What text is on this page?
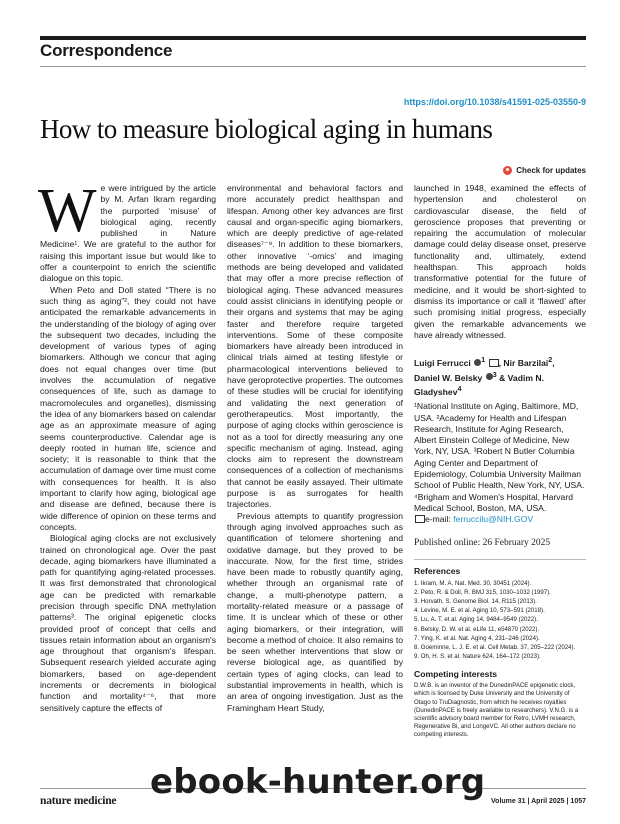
Correspondence
https://doi.org/10.1038/s41591-025-03550-9
How to measure biological aging in humans
Check for updates

We were intrigued by the article by M. Arfan Ikram regarding the purported ‘misuse’ of biological aging, recently published in Nature Medicine¹. We are grateful to the author for raising this important issue but would like to offer a counterpoint to enrich the scientific dialogue on this topic.

When Peto and Doll stated “There is no such thing as aging”², they could not have anticipated the remarkable advancements in the understanding of the biology of aging over the subsequent two decades, including the development of various types of aging biomarkers. Although we concur that aging does not equal changes over time (but involves the accumulation of negative consequences of life, such as damage to macromolecules and organelles), dismissing the idea of any biomarkers based on calendar age as an approximate measure of aging seems counterproductive. Calendar age is deeply rooted in human life, science and society; it is reasonable to think that the accumulation of damage over time must come with consequences for health. It is also important to clarify how aging, biological age and disease are defined, because there is wide difference of opinion on these terms and concepts.

Biological aging clocks are not exclusively trained on chronological age. Over the past decade, aging biomarkers have illuminated a path for quantifying aging-related processes. It was first demonstrated that chronological age can be predicted with remarkable precision through specific DNA methylation patterns³. The original epigenetic clocks provided proof of concept that cells and tissues retain information about an organism's age throughout that organism's lifespan. Subsequent research yielded accurate aging biomarkers, based on age-dependent increments or decrements in biological function and mortality⁴⁻⁶, that more sensitively capture the effects of

environmental and behavioral factors and more accurately predict healthspan and lifespan. Among other key advances are first causal and organ-specific aging biomarkers, which are deeply predictive of age-related diseases⁷⁻⁹. In addition to these biomarkers, other innovative ‘-omics’ and imaging methods are being developed and validated that may offer a more precise reflection of biological aging. These advanced measures could assist clinicians in identifying people or their organs and systems that may be aging faster and therefore require targeted interventions. Some of these composite biomarkers have already been introduced in clinical trials aimed at testing lifestyle or pharmacological interventions believed to have geroprotective properties. The outcomes of these studies will be crucial for identifying and validating the next generation of gerotherapeutics. Most importantly, the purpose of aging clocks within geroscience is not as a tool for directly measuring any one specific mechanism of aging. Instead, aging clocks aim to represent the downstream consequences of a collection of mechanisms that cannot be easily assayed. Their ultimate purpose is as surrogates for health trajectories.

Previous attempts to quantify progression through aging involved approaches such as quantification of telomere shortening and oxidative damage, but they proved to be inaccurate. Now, for the first time, strides have been made to robustly quantify aging, whether through an organismal rate of change, a multi-phenotype pattern, a mortality-related measure or a passage of time. It is unclear which of these or other aging biomarkers, or their integration, will become a method of choice. It also remains to be seen whether interventions that slow or reverse biological age, as quantified by certain types of aging clocks, can lead to substantial improvements in health, which is an area of ongoing investigation. Just as the Framingham Heart Study,

launched in 1948, examined the effects of hypertension and cholesterol on cardiovascular disease, the field of geroscience proposes that preventing or repairing the accumulation of molecular damage could delay disease onset, preserve functionality and, ultimately, extend healthspan. This approach holds transformative potential for the future of medicine, and it would be short-sighted to dismiss its importance or call it ‘flawed’ after such promising initial progress, especially given the remarkable advancements we have already witnessed.

Luigi Ferrucci $^1$ , Nir Barzilai$^2$,
Daniel W. Belsky $^3$ & Vadim N. Gladyshev$^4$
¹National Institute on Aging, Baltimore, MD, USA. ²Academy for Health and Lifespan Research, Institute for Aging Research, Albert Einstein College of Medicine, New York, NY, USA. ³Robert N Butler Columbia Aging Center and Department of Epidemiology, Columbia University Mailman School of Public Health, New York, NY, USA. ⁴Brigham and Women's Hospital, Harvard Medical School, Boston, MA, USA.
e-mail: ferruccilu@NIH.GOV
Published online: 26 February 2025
References
1. Ikram, M. A. Nat. Med. 30, 30451 (2024).
2. Peto, R. & Doll, R. BMJ 315, 1030–1032 (1997).
3. Horvath, S. Genome Biol. 14, R115 (2013).
4. Levine, M. E. et al. Aging 10, 573–591 (2018).
5. Lu, A. T. et al. Aging 14, 9484–9549 (2022).
6. Belsky, D. W. et al. eLife 11, e54870 (2022).
7. Ying, K. et al. Nat. Aging 4, 231–246 (2024).
8. Goeminne, L. J. E. et al. Cell Metab. 37, 205–222 (2024).
9. Oh, H. S. et al. Nature 624, 164–172 (2023).
Competing interests
D.W.B. is an inventor of the DunedinPACE epigenetic clock, which is licensed by Duke University and the University of Otago to TruDiagnostic, from which he receives royalties (DunedinPACE is freely available to researchers). V.N.G. is a scientific advisory board member for Retro, LVMH research, Regenerative Bi, and LongeVC. All other authors declare no competing interests.
nature medicine	Volume 31 | April 2025 | 1057
ebook-hunter.org
